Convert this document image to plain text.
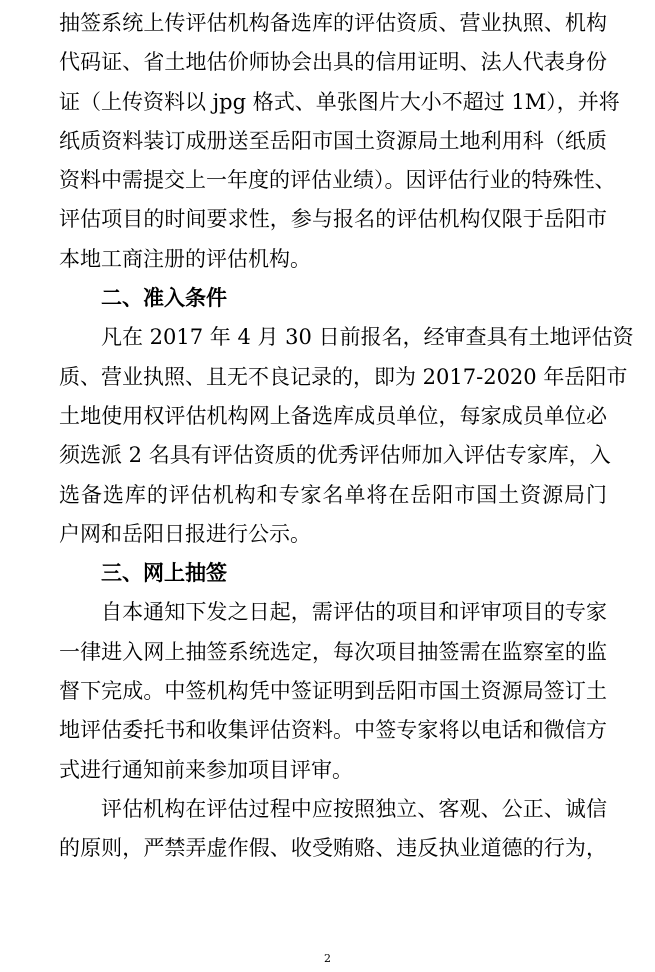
抽签系统上传评估机构备选库的评估资质、营业执照、机构
代码证、省土地估价师协会出具的信用证明、法人代表身份
证（上传资料以 jpg 格式、单张图片大小不超过 1M），并将
纸质资料装订成册送至岳阳市国土资源局土地利用科（纸质
资料中需提交上一年度的评估业绩）。因评估行业的特殊性、
评估项目的时间要求性，参与报名的评估机构仅限于岳阳市
本地工商注册的评估机构。
二、准入条件
凡在 2017 年 4 月 30 日前报名，经审查具有土地评估资
质、营业执照、且无不良记录的，即为 2017-2020 年岳阳市
土地使用权评估机构网上备选库成员单位，每家成员单位必
须选派 2 名具有评估资质的优秀评估师加入评估专家库，入
选备选库的评估机构和专家名单将在岳阳市国土资源局门
户网和岳阳日报进行公示。
三、网上抽签
自本通知下发之日起，需评估的项目和评审项目的专家
一律进入网上抽签系统选定，每次项目抽签需在监察室的监
督下完成。中签机构凭中签证明到岳阳市国土资源局签订土
地评估委托书和收集评估资料。中签专家将以电话和微信方
式进行通知前来参加项目评审。
评估机构在评估过程中应按照独立、客观、公正、诚信
的原则，严禁弄虚作假、收受贿赂、违反执业道德的行为，
2
